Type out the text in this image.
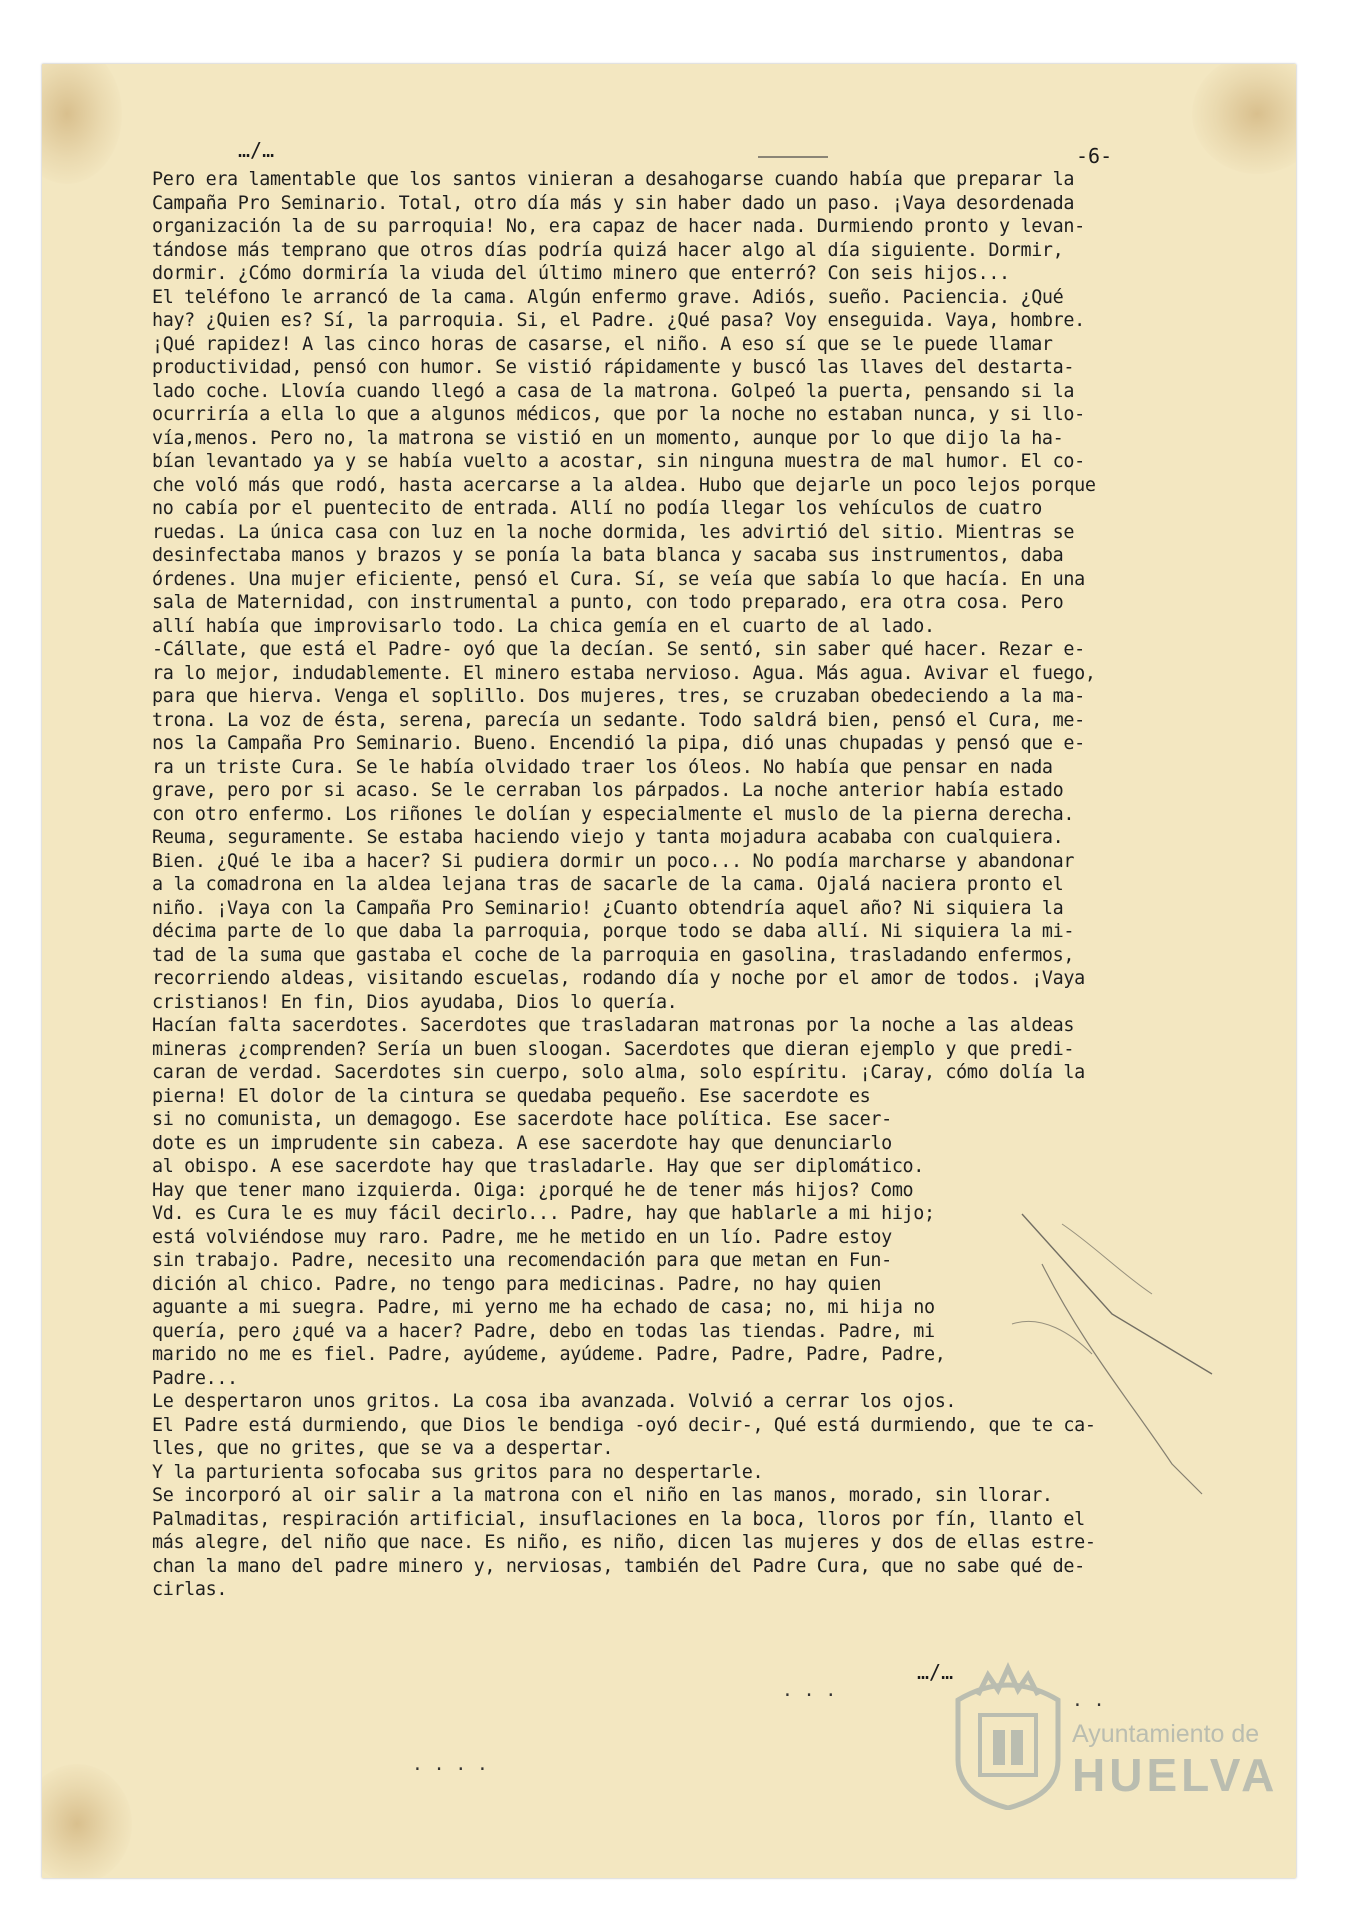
…/…	-6-

Pero era lamentable que los santos vinieran a desahogarse cuando había que preparar la

Campaña Pro Seminario. Total, otro día más y sin haber dado un paso. ¡Vaya desordenada

organización la de su parroquia! No, era capaz de hacer nada. Durmiendo pronto y levan-

tándose más temprano que otros días podría quizá hacer algo al día siguiente. Dormir,

dormir. ¿Cómo dormiría la viuda del último minero que enterró? Con seis hijos...

El teléfono le arrancó de la cama. Algún enfermo grave. Adiós, sueño. Paciencia. ¿Qué

hay? ¿Quien es? Sí, la parroquia. Si, el Padre. ¿Qué pasa? Voy enseguida. Vaya, hombre.

¡Qué rapidez! A las cinco horas de casarse, el niño. A eso sí que se le puede llamar

productividad, pensó con humor. Se vistió rápidamente y buscó las llaves del destarta-

lado coche. Llovía cuando llegó a casa de la matrona. Golpeó la puerta, pensando si la

ocurriría a ella lo que a algunos médicos, que por la noche no estaban nunca, y si llo-

vía,menos. Pero no, la matrona se vistió en un momento, aunque por lo que dijo la ha-

bían levantado ya y se había vuelto a acostar, sin ninguna muestra de mal humor. El co-

che voló más que rodó, hasta acercarse a la aldea. Hubo que dejarle un poco lejos porque

no cabía por el puentecito de entrada. Allí no podía llegar los vehículos de cuatro

ruedas. La única casa con luz en la noche dormida, les advirtió del sitio. Mientras se

desinfectaba manos y brazos y se ponía la bata blanca y sacaba sus instrumentos, daba

órdenes. Una mujer eficiente, pensó el Cura. Sí, se veía que sabía lo que hacía. En una

sala de Maternidad, con instrumental a punto, con todo preparado, era otra cosa. Pero

allí había que improvisarlo todo. La chica gemía en el cuarto de al lado.

-Cállate, que está el Padre- oyó que la decían. Se sentó, sin saber qué hacer. Rezar e-

ra lo mejor, indudablemente. El minero estaba nervioso. Agua. Más agua. Avivar el fuego,

para que hierva. Venga el soplillo. Dos mujeres, tres, se cruzaban obedeciendo a la ma-

trona. La voz de ésta, serena, parecía un sedante. Todo saldrá bien, pensó el Cura, me-

nos la Campaña Pro Seminario. Bueno. Encendió la pipa, dió unas chupadas y pensó que e-

ra un triste Cura. Se le había olvidado traer los óleos. No había que pensar en nada

grave, pero por si acaso. Se le cerraban los párpados. La noche anterior había estado

con otro enfermo. Los riñones le dolían y especialmente el muslo de la pierna derecha.

Reuma, seguramente. Se estaba haciendo viejo y tanta mojadura acababa con cualquiera.

Bien. ¿Qué le iba a hacer? Si pudiera dormir un poco... No podía marcharse y abandonar

a la comadrona en la aldea lejana tras de sacarle de la cama. Ojalá naciera pronto el

niño. ¡Vaya con la Campaña Pro Seminario! ¿Cuanto obtendría aquel año? Ni siquiera la

décima parte de lo que daba la parroquia, porque todo se daba allí. Ni siquiera la mi-

tad de la suma que gastaba el coche de la parroquia en gasolina, trasladando enfermos,

recorriendo aldeas, visitando escuelas, rodando día y noche por el amor de todos. ¡Vaya

cristianos! En fin, Dios ayudaba, Dios lo quería.

Hacían falta sacerdotes. Sacerdotes que trasladaran matronas por la noche a las aldeas

mineras ¿comprenden? Sería un buen sloogan. Sacerdotes que dieran ejemplo y que predi-

caran de verdad. Sacerdotes sin cuerpo, solo alma, solo espíritu. ¡Caray, cómo dolía la

pierna! El dolor de la cintura se quedaba pequeño. Ese sacerdote es

si no comunista, un demagogo. Ese sacerdote hace política. Ese sacer-

dote es un imprudente sin cabeza. A ese sacerdote hay que denunciarlo

al obispo. A ese sacerdote hay que trasladarle. Hay que ser diplomático.

Hay que tener mano izquierda. Oiga: ¿porqué he de tener más hijos? Como

Vd. es Cura le es muy fácil decirlo... Padre, hay que hablarle a mi hijo;

está volviéndose muy raro. Padre, me he metido en un lío. Padre estoy

sin trabajo. Padre, necesito una recomendación para que metan en Fun-

dición al chico. Padre, no tengo para medicinas. Padre, no hay quien

aguante a mi suegra. Padre, mi yerno me ha echado de casa; no, mi hija no

quería, pero ¿qué va a hacer? Padre, debo en todas las tiendas. Padre, mi

marido no me es fiel. Padre, ayúdeme, ayúdeme. Padre, Padre, Padre, Padre,

Padre...

Le despertaron unos gritos. La cosa iba avanzada. Volvió a cerrar los ojos.

El Padre está durmiendo, que Dios le bendiga -oyó decir-, Qué está durmiendo, que te ca-

lles, que no grites, que se va a despertar.

Y la parturienta sofocaba sus gritos para no despertarle.

Se incorporó al oir salir a la matrona con el niño en las manos, morado, sin llorar.

Palmaditas, respiración artificial, insuflaciones en la boca, lloros por fín, llanto el

más alegre, del niño que nace. Es niño, es niño, dicen las mujeres y dos de ellas estre-

chan la mano del padre minero y, nerviosas, también del Padre Cura, que no sabe qué de-

cirlas.

…/…
. . .
. . . .
. .
Ayuntamiento de
HUELVA
